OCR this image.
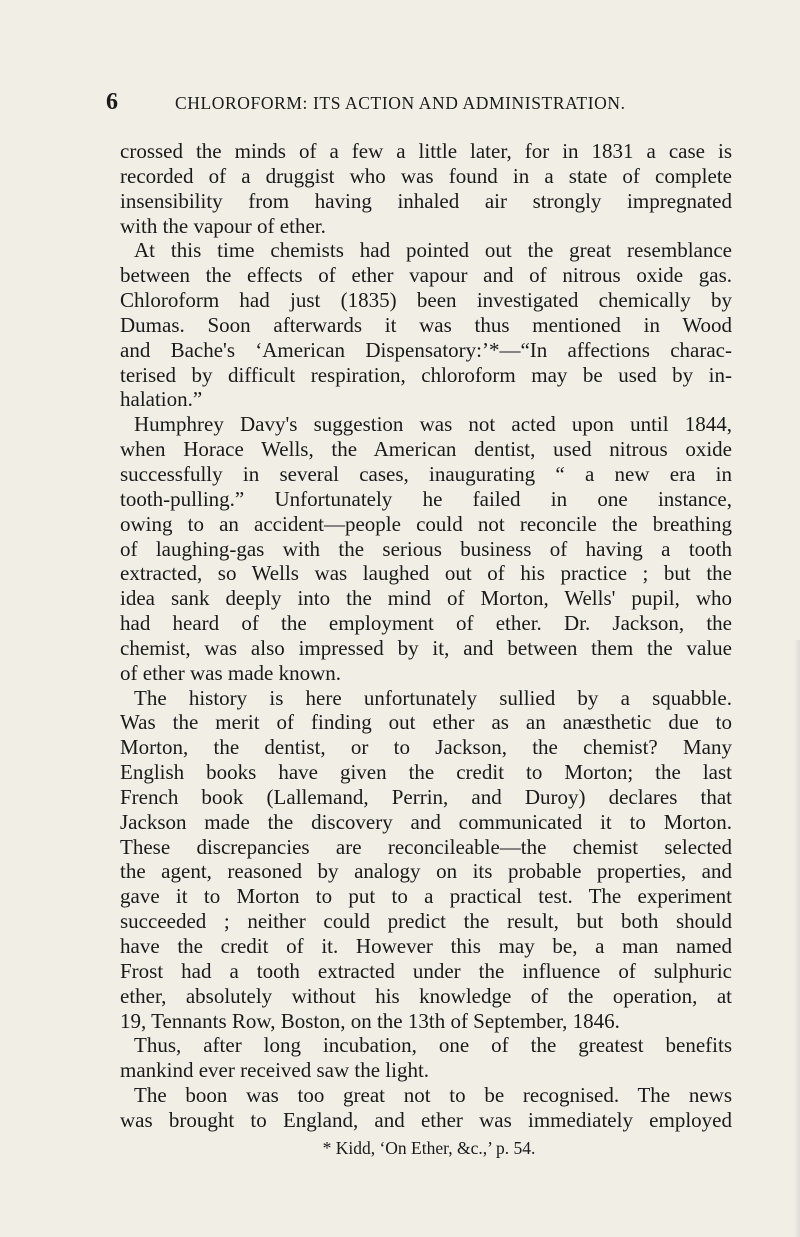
6	CHLOROFORM: ITS ACTION AND ADMINISTRATION.
crossed the minds of a few a little later, for in 1831 a case is
recorded of a druggist who was found in a state of complete
insensibility from having inhaled air strongly impregnated
with the vapour of ether.
At this time chemists had pointed out the great resemblance
between the effects of ether vapour and of nitrous oxide gas.
Chloroform had just (1835) been investigated chemically by
Dumas. Soon afterwards it was thus mentioned in Wood
and Bache's ‘American Dispensatory:’*—“In affections charac-
terised by difficult respiration, chloroform may be used by in-
halation.”
Humphrey Davy's suggestion was not acted upon until 1844,
when Horace Wells, the American dentist, used nitrous oxide
successfully in several cases, inaugurating “ a new era in
tooth-pulling.” Unfortunately he failed in one instance,
owing to an accident—people could not reconcile the breathing
of laughing-gas with the serious business of having a tooth
extracted, so Wells was laughed out of his practice ; but the
idea sank deeply into the mind of Morton, Wells' pupil, who
had heard of the employment of ether. Dr. Jackson, the
chemist, was also impressed by it, and between them the value
of ether was made known.
The history is here unfortunately sullied by a squabble.
Was the merit of finding out ether as an anæsthetic due to
Morton, the dentist, or to Jackson, the chemist? Many
English books have given the credit to Morton; the last
French book (Lallemand, Perrin, and Duroy) declares that
Jackson made the discovery and communicated it to Morton.
These discrepancies are reconcileable—the chemist selected
the agent, reasoned by analogy on its probable properties, and
gave it to Morton to put to a practical test. The experiment
succeeded ; neither could predict the result, but both should
have the credit of it. However this may be, a man named
Frost had a tooth extracted under the influence of sulphuric
ether, absolutely without his knowledge of the operation, at
19, Tennants Row, Boston, on the 13th of September, 1846.
Thus, after long incubation, one of the greatest benefits
mankind ever received saw the light.
The boon was too great not to be recognised. The news
was brought to England, and ether was immediately employed
* Kidd, ‘On Ether, &c.,’ p. 54.
